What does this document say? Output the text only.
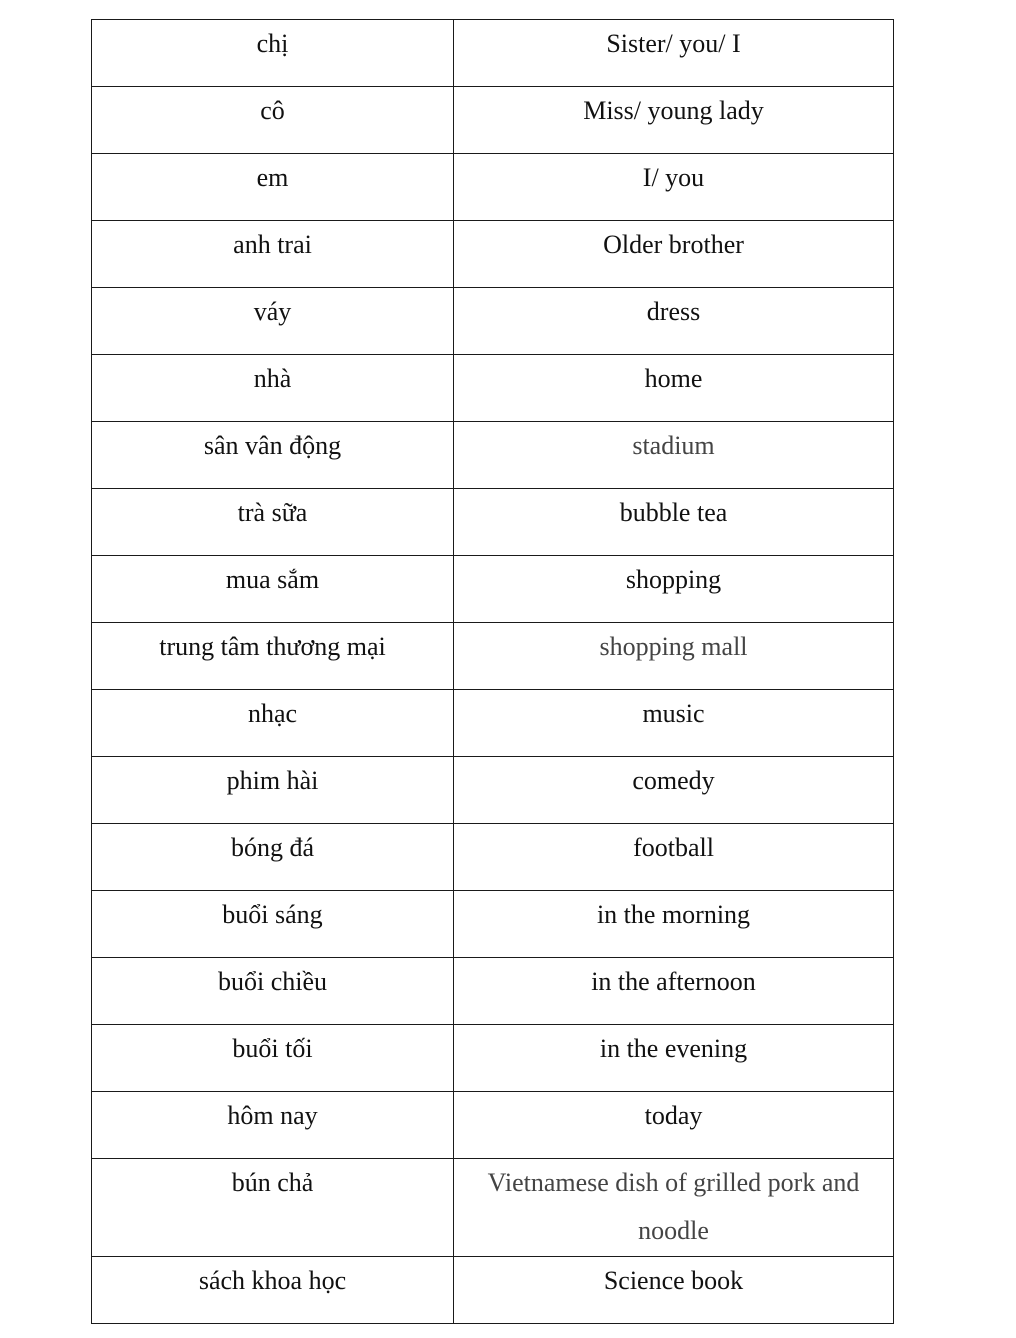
chị	Sister/ you/ I
cô	Miss/ young lady
em	I/ you
anh trai	Older brother
váy	dress
nhà	home
sân vân động	stadium
trà sữa	bubble tea
mua sắm	shopping
trung tâm thương mại	shopping mall
nhạc	music
phim hài	comedy
bóng đá	football
buổi sáng	in the morning
buổi chiều	in the afternoon
buổi tối	in the evening
hôm nay	today
bún chả	Vietnamese dish of grilled pork and noodle
sách khoa học	Science book
